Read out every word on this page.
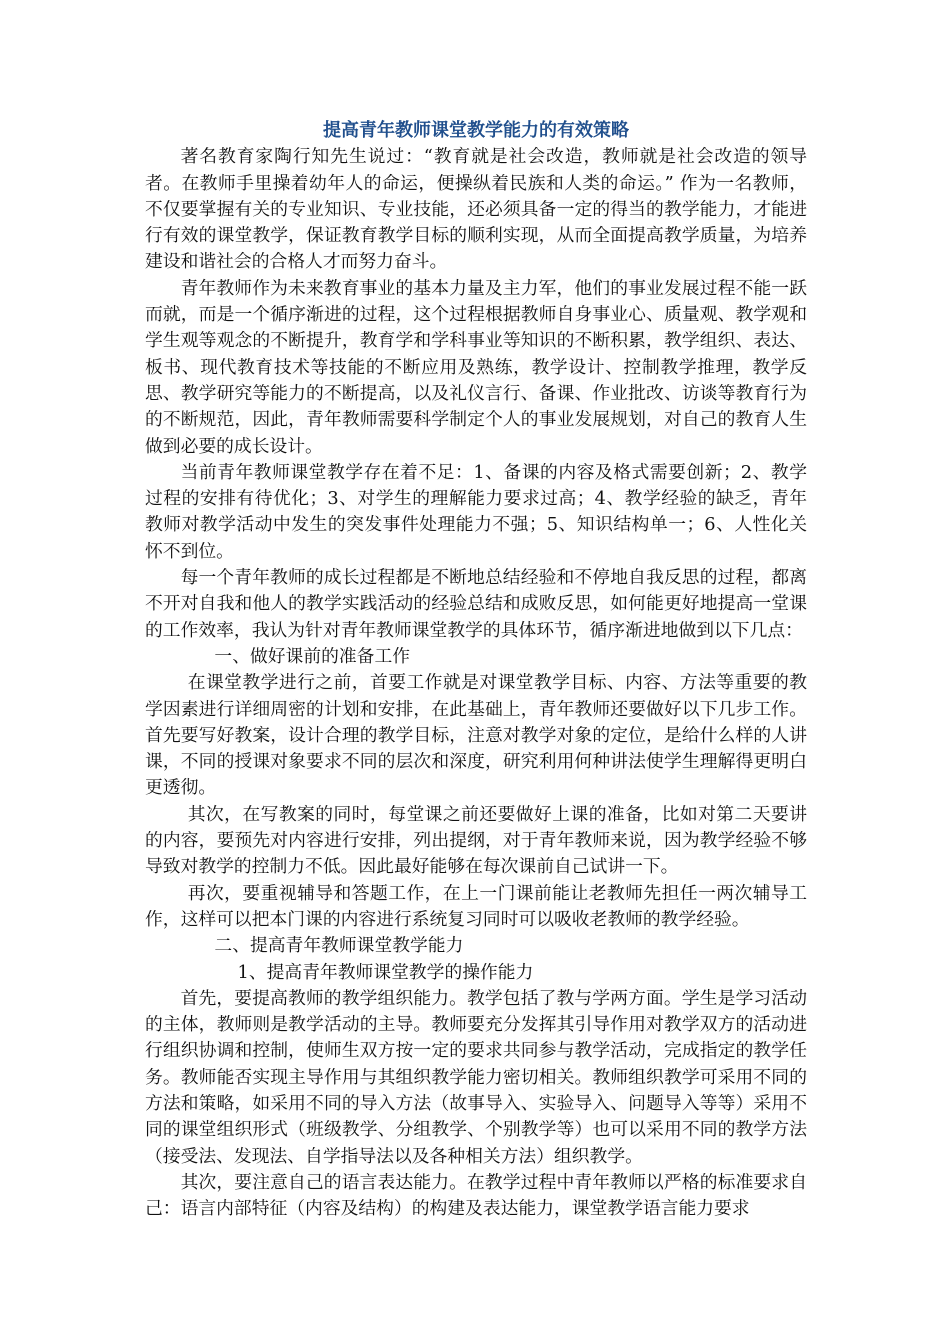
提高青年教师课堂教学能力的有效策略

著名教育家陶行知先生说过：“教育就是社会改造，教师就是社会改造的领导者。在教师手里操着幼年人的命运，便操纵着民族和人类的命运。” 作为一名教师，不仅要掌握有关的专业知识、专业技能，还必须具备一定的得当的教学能力，才能进行有效的课堂教学，保证教育教学目标的顺利实现，从而全面提高教学质量，为培养建设和谐社会的合格人才而努力奋斗。

青年教师作为未来教育事业的基本力量及主力军，他们的事业发展过程不能一跃而就，而是一个循序渐进的过程，这个过程根据教师自身事业心、质量观、教学观和学生观等观念的不断提升，教育学和学科事业等知识的不断积累，教学组织、表达、板书、现代教育技术等技能的不断应用及熟练，教学设计、控制教学推理，教学反思、教学研究等能力的不断提高，以及礼仪言行、备课、作业批改、访谈等教育行为的不断规范，因此，青年教师需要科学制定个人的事业发展规划，对自己的教育人生做到必要的成长设计。

当前青年教师课堂教学存在着不足：1、备课的内容及格式需要创新；2、教学过程的安排有待优化；3、对学生的理解能力要求过高；4、教学经验的缺乏，青年教师对教学活动中发生的突发事件处理能力不强；5、知识结构单一；6、人性化关怀不到位。

每一个青年教师的成长过程都是不断地总结经验和不停地自我反思的过程，都离不开对自我和他人的教学实践活动的经验总结和成败反思，如何能更好地提高一堂课的工作效率，我认为针对青年教师课堂教学的具体环节，循序渐进地做到以下几点：

一、做好课前的准备工作

在课堂教学进行之前，首要工作就是对课堂教学目标、内容、方法等重要的教学因素进行详细周密的计划和安排，在此基础上，青年教师还要做好以下几步工作。首先要写好教案，设计合理的教学目标，注意对教学对象的定位，是给什么样的人讲课，不同的授课对象要求不同的层次和深度，研究利用何种讲法使学生理解得更明白更透彻。

其次，在写教案的同时，每堂课之前还要做好上课的准备，比如对第二天要讲的内容，要预先对内容进行安排，列出提纲，对于青年教师来说，因为教学经验不够导致对教学的控制力不低。因此最好能够在每次课前自己试讲一下。

再次，要重视辅导和答题工作，在上一门课前能让老教师先担任一两次辅导工作，这样可以把本门课的内容进行系统复习同时可以吸收老教师的教学经验。

二、提高青年教师课堂教学能力

1、提高青年教师课堂教学的操作能力

首先，要提高教师的教学组织能力。教学包括了教与学两方面。学生是学习活动的主体，教师则是教学活动的主导。教师要充分发挥其引导作用对教学双方的活动进行组织协调和控制，使师生双方按一定的要求共同参与教学活动，完成指定的教学任务。教师能否实现主导作用与其组织教学能力密切相关。教师组织教学可采用不同的方法和策略，如采用不同的导入方法（故事导入、实验导入、问题导入等等）采用不同的课堂组织形式（班级教学、分组教学、个别教学等）也可以采用不同的教学方法（接受法、发现法、自学指导法以及各种相关方法）组织教学。

其次，要注意自己的语言表达能力。在教学过程中青年教师以严格的标准要求自己：语言内部特征（内容及结构）的构建及表达能力，课堂教学语言能力要求
